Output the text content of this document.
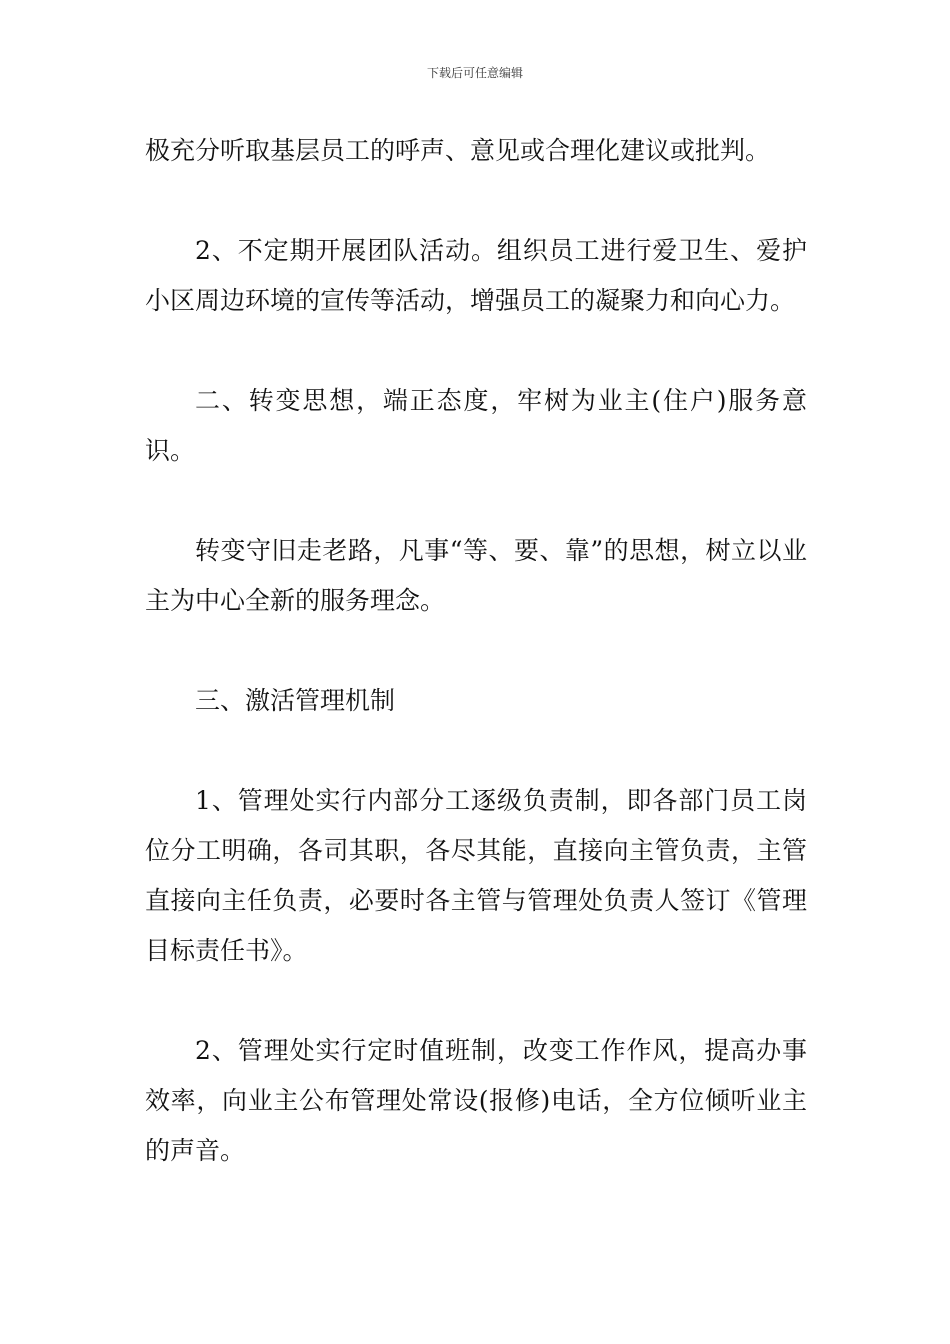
下载后可任意编辑

极充分听取基层员工的呼声、意见或合理化建议或批判。

2、不定期开展团队活动。组织员工进行爱卫生、爱护小区周边环境的宣传等活动，增强员工的凝聚力和向心力。

二、转变思想，端正态度，牢树为业主(住户)服务意识。

转变守旧走老路，凡事“等、要、靠”的思想，树立以业主为中心全新的服务理念。

三、激活管理机制

1、管理处实行内部分工逐级负责制，即各部门员工岗位分工明确，各司其职，各尽其能，直接向主管负责，主管直接向主任负责，必要时各主管与管理处负责人签订《管理目标责任书》。

2、管理处实行定时值班制，改变工作作风，提高办事效率，向业主公布管理处常设(报修)电话，全方位倾听业主的声音。
